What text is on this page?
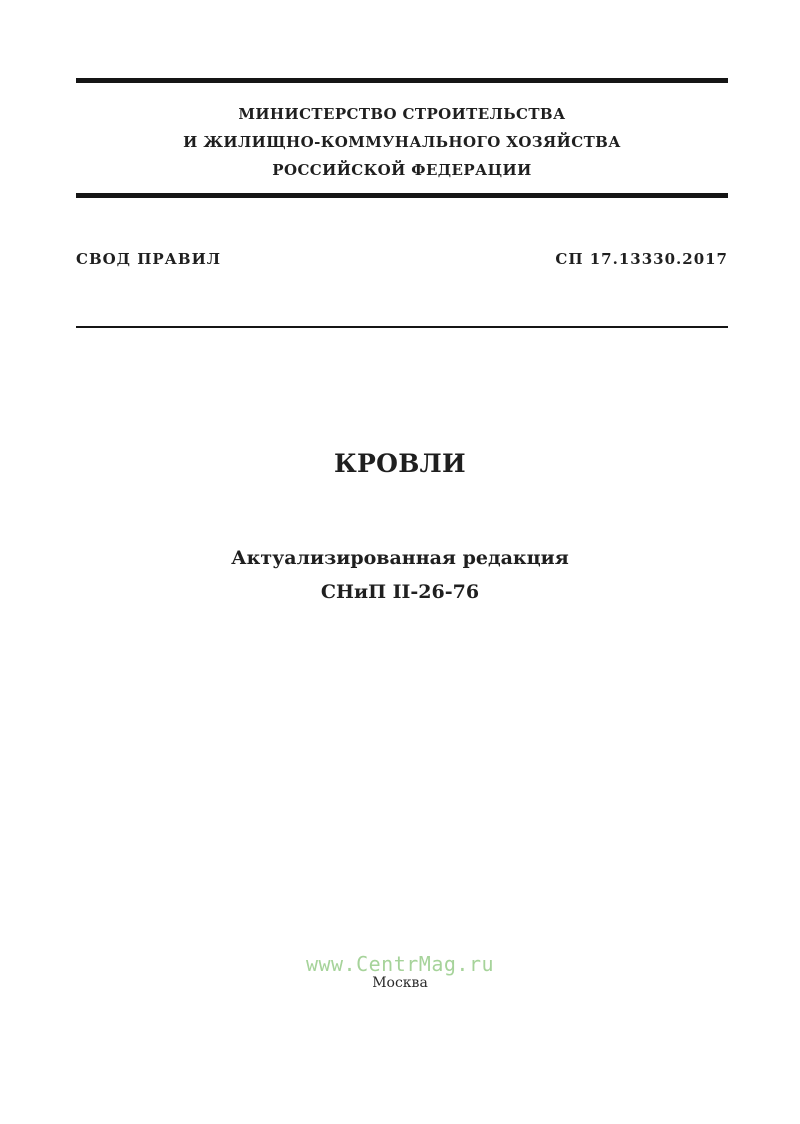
МИНИСТЕРСТВО СТРОИТЕЛЬСТВА
И ЖИЛИЩНО-КОММУНАЛЬНОГО ХОЗЯЙСТВА
РОССИЙСКОЙ ФЕДЕРАЦИИ
СВОД ПРАВИЛ	СП 17.13330.2017
КРОВЛИ
Актуализированная редакция
СНиП II-26-76
www.CentrMag.ru
Москва
